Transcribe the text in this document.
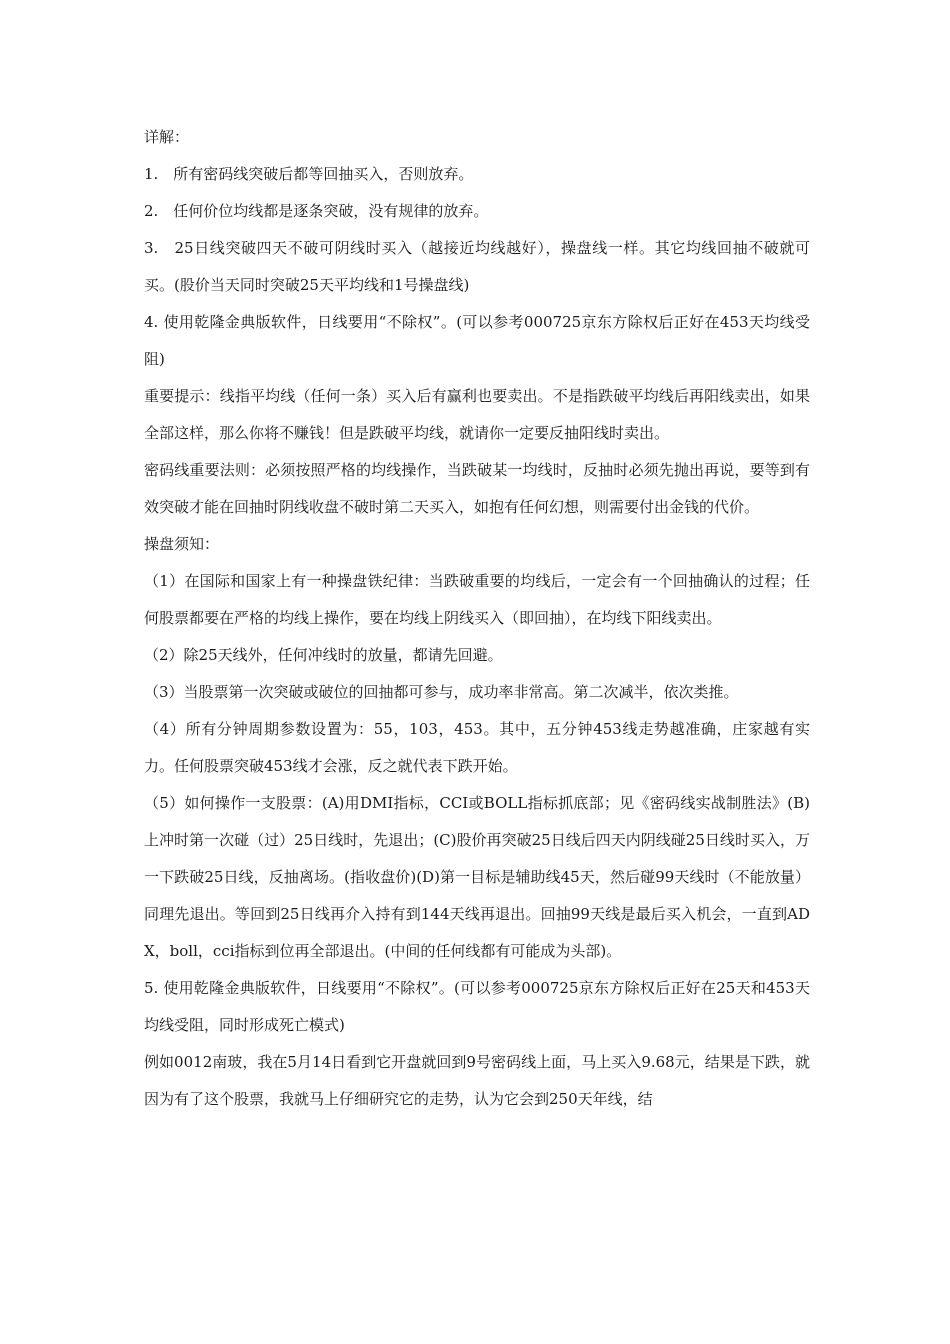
详解：

1.　所有密码线突破后都等回抽买入，否则放弃。

2.　任何价位均线都是逐条突破，没有规律的放弃。

3.　25日线突破四天不破可阴线时买入（越接近均线越好），操盘线一样。其它均线回抽不破就可买。(股价当天同时突破25天平均线和1号操盘线)

4. 使用乾隆金典版软件，日线要用“不除权”。(可以参考000725京东方除权后正好在453天均线受阻)

重要提示：线指平均线（任何一条）买入后有赢利也要卖出。不是指跌破平均线后再阳线卖出，如果全部这样，那么你将不赚钱！但是跌破平均线，就请你一定要反抽阳线时卖出。

密码线重要法则：必须按照严格的均线操作，当跌破某一均线时，反抽时必须先抛出再说，要等到有效突破才能在回抽时阴线收盘不破时第二天买入，如抱有任何幻想，则需要付出金钱的代价。

操盘须知：

（1）在国际和国家上有一种操盘铁纪律：当跌破重要的均线后，一定会有一个回抽确认的过程；任何股票都要在严格的均线上操作，要在均线上阴线买入（即回抽），在均线下阳线卖出。

（2）除25天线外，任何冲线时的放量，都请先回避。

（3）当股票第一次突破或破位的回抽都可参与，成功率非常高。第二次减半，依次类推。

（4）所有分钟周期参数设置为：55，103，453。其中，五分钟453线走势越准确，庄家越有实力。任何股票突破453线才会涨，反之就代表下跌开始。

（5）如何操作一支股票：(A)用DMI指标，CCI或BOLL指标抓底部；见《密码线实战制胜法》(B)上冲时第一次碰（过）25日线时，先退出；(C)股价再突破25日线后四天内阴线碰25日线时买入，万一下跌破25日线，反抽离场。(指收盘价)(D)第一目标是辅助线45天，然后碰99天线时（不能放量）同理先退出。等回到25日线再介入持有到144天线再退出。回抽99天线是最后买入机会，一直到ADX，boll，cci指标到位再全部退出。(中间的任何线都有可能成为头部)。

5. 使用乾隆金典版软件，日线要用“不除权”。(可以参考000725京东方除权后正好在25天和453天均线受阻，同时形成死亡模式)

例如0012南玻，我在5月14日看到它开盘就回到9号密码线上面，马上买入9.68元，结果是下跌，就因为有了这个股票，我就马上仔细研究它的走势，认为它会到250天年线，结
